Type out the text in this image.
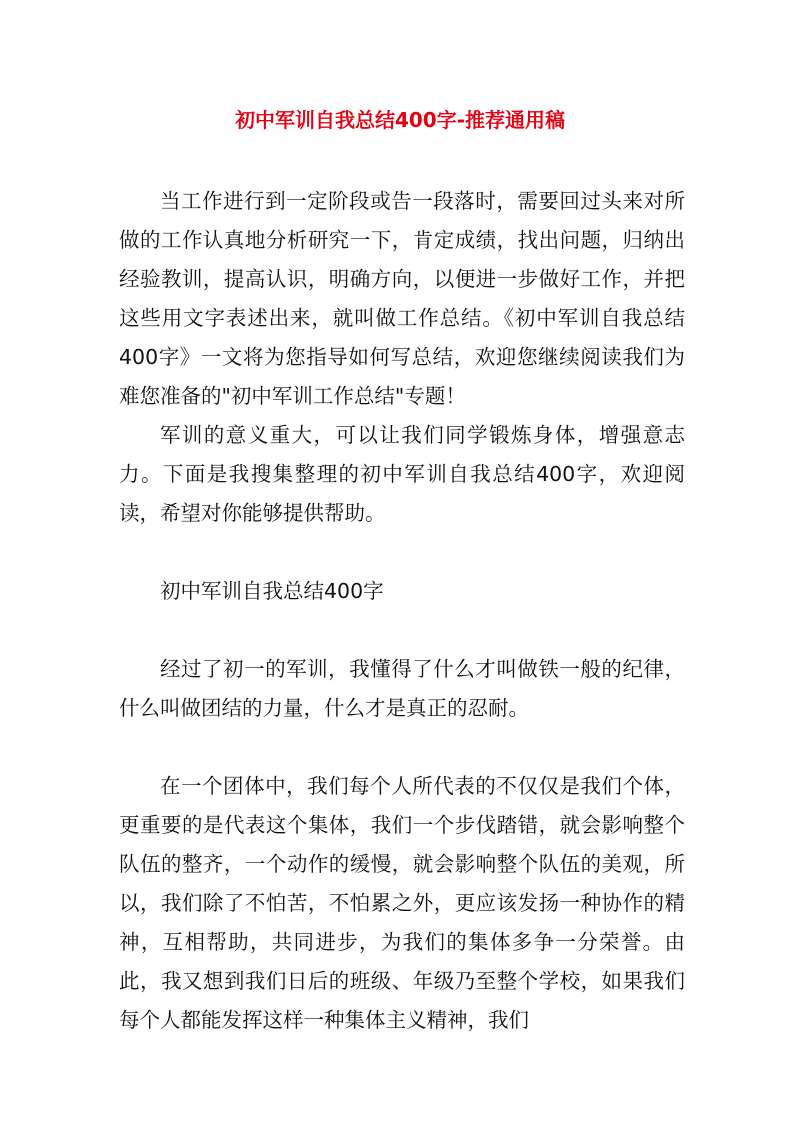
初中军训自我总结400字-推荐通用稿

当工作进行到一定阶段或告一段落时，需要回过头来对所做的工作认真地分析研究一下，肯定成绩，找出问题，归纳出经验教训，提高认识，明确方向，以便进一步做好工作，并把这些用文字表述出来，就叫做工作总结。《初中军训自我总结400字》一文将为您指导如何写总结，欢迎您继续阅读我们为难您准备的"初中军训工作总结"专题！

军训的意义重大，可以让我们同学锻炼身体，增强意志力。下面是我搜集整理的初中军训自我总结400字，欢迎阅读，希望对你能够提供帮助。

初中军训自我总结400字

经过了初一的军训，我懂得了什么才叫做铁一般的纪律，什么叫做团结的力量，什么才是真正的忍耐。

在一个团体中，我们每个人所代表的不仅仅是我们个体，更重要的是代表这个集体，我们一个步伐踏错，就会影响整个队伍的整齐，一个动作的缓慢，就会影响整个队伍的美观，所以，我们除了不怕苦，不怕累之外，更应该发扬一种协作的精神，互相帮助，共同进步，为我们的集体多争一分荣誉。由此，我又想到我们日后的班级、年级乃至整个学校，如果我们每个人都能发挥这样一种集体主义精神，我们
